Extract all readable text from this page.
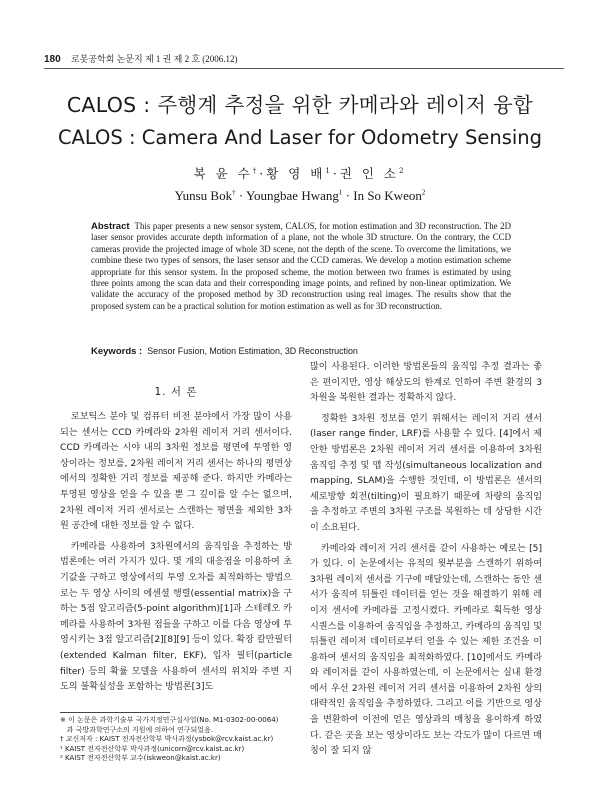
180 로봇공학회 논문지 제 1 권 제 2 호 (2006.12)
CALOS : 주행계 추정을 위한 카메라와 레이저 융합
CALOS : Camera And Laser for Odometry Sensing
복 윤 수†·황 영 배$^1$·권 인 소$^2$
Yunsu Bok† · Youngbae Hwang$^1$ · In So Kweon$^2$
Abstract This paper presents a new sensor system, CALOS, for motion estimation and 3D reconstruction. The 2D laser sensor provides accurate depth information of a plane, not the whole 3D structure. On the contrary, the CCD cameras provide the projected image of whole 3D scene, not the depth of the scene. To overcome the limitations, we combine these two types of sensors, the laser sensor and the CCD cameras. We develop a motion estimation scheme appropriate for this sensor system. In the proposed scheme, the motion between two frames is estimated by using three points among the scan data and their corresponding image points, and refined by non-linear optimization. We validate the accuracy of the proposed method by 3D reconstruction using real images. The results show that the proposed system can be a practical solution for motion estimation as well as for 3D reconstruction.
Keywords : Sensor Fusion, Motion Estimation, 3D Reconstruction
1. 서 론

로보틱스 분야 및 컴퓨터 비전 분야에서 가장 많이 사용되는 센서는 CCD 카메라와 2차원 레이저 거리 센서이다. CCD 카메라는 시야 내의 3차원 정보를 평면에 투영한 영상이라는 정보를, 2차원 레이저 거리 센서는 하나의 평면상에서의 정확한 거리 정보를 제공해 준다. 하지만 카메라는 투영된 영상을 얻을 수 있을 뿐 그 깊이를 알 수는 없으며, 2차원 레이저 거리 센서로는 스캔하는 평면을 제외한 3차원 공간에 대한 정보를 알 수 없다.

카메라를 사용하여 3차원에서의 움직임을 추정하는 방법론에는 여러 가지가 있다. 몇 개의 대응점을 이용하여 초기값을 구하고 영상에서의 투영 오차를 최적화하는 방법으로는 두 영상 사이의 에센셜 행렬(essential matrix)을 구하는 5점 알고리즘(5-point algorithm)[1]과 스테레오 카메라를 사용하여 3차원 점들을 구하고 이를 다음 영상에 투영시키는 3점 알고리즘[2][8][9] 등이 있다. 확장 칼만필터(extended Kalman filter, EKF), 입자 필터(particle filter) 등의 확률 모델을 사용하여 센서의 위치와 주변 지도의 불확실성을 포함하는 방법론[3]도

많이 사용된다. 이러한 방법론들의 움직임 추정 결과는 좋은 편이지만, 영상 해상도의 한계로 인하여 주변 환경의 3차원을 복원한 결과는 정확하지 않다.

정확한 3차원 정보를 얻기 위해서는 레이저 거리 센서(laser range finder, LRF)를 사용할 수 있다. [4]에서 제안한 방법론은 2차원 레이저 거리 센서를 이용하여 3차원 움직임 추정 및 맵 작성(simultaneous localization and mapping, SLAM)을 수행한 것인데, 이 방법론은 센서의 세로방향 회전(tilting)이 필요하기 때문에 차량의 움직임을 추정하고 주변의 3차원 구조를 복원하는 데 상당한 시간이 소요된다.

카메라와 레이저 거리 센서를 같이 사용하는 예로는 [5]가 있다. 이 논문에서는 유적의 윗부분을 스캔하기 위하여 3차원 레이저 센서를 기구에 매달았는데, 스캔하는 동안 센서가 움직여 뒤틀린 데이터를 얻는 것을 해결하기 위해 레이저 센서에 카메라를 고정시켰다. 카메라로 획득한 영상 시퀀스를 이용하여 움직임을 추정하고, 카메라의 움직임 및 뒤틀린 레이저 데이터로부터 얻을 수 있는 제한 조건을 이용하여 센서의 움직임을 최적화하였다. [10]에서도 카메라와 레이저를 같이 사용하였는데, 이 논문에서는 실내 환경에서 우선 2차원 레이저 거리 센서를 이용하여 2차원 상의 대략적인 움직임을 추정하였다. 그리고 이를 기반으로 영상을 변환하여 이전에 얻은 영상과의 매칭을 용이하게 하였다. 같은 곳을 보는 영상이라도 보는 각도가 많이 다르면 매칭이 잘 되지 않

※ 이 논문은 과학기술부 국가지정연구실사업(No. M1-0302-00-0064)
과 국방과학연구소의 지원에 의하여 연구되었음.
† 교신저자 : KAIST 전자전산학부 박사과정(ysbok@rcv.kaist.ac.kr)
¹ KAIST 전자전산학부 박사과정(unicorn@rcv.kaist.ac.kr)
² KAIST 전자전산학부 교수(iskweon@kaist.ac.kr)
